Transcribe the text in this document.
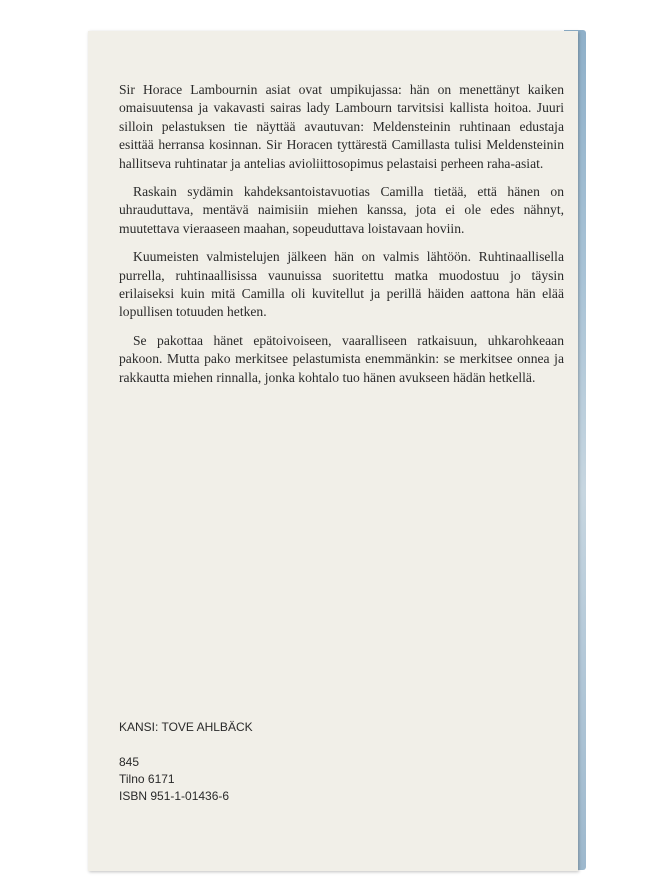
Sir Horace Lambournin asiat ovat umpikujassa: hän on menettänyt kaiken omaisuutensa ja vakavasti sairas lady Lambourn tarvitsisi kallista hoitoa. Juuri silloin pelastuksen tie näyttää avautuvan: Meldensteinin ruhtinaan edustaja esittää herransa kosinnan. Sir Horacen tyttärestä Camillasta tulisi Meldensteinin hallitseva ruhtinatar ja antelias avioliittosopimus pelastaisi perheen raha-asiat.

Raskain sydämin kahdeksantoistavuotias Camilla tietää, että hänen on uhrauduttava, mentävä naimisiin miehen kanssa, jota ei ole edes nähnyt, muutettava vieraaseen maahan, sopeuduttava loistavaan hoviin.

Kuumeisten valmistelujen jälkeen hän on valmis lähtöön. Ruhtinaallisella purrella, ruhtinaallisissa vaunuissa suoritettu matka muodostuu jo täysin erilaiseksi kuin mitä Camilla oli kuvitellut ja perillä häiden aattona hän elää lopullisen totuuden hetken.

Se pakottaa hänet epätoivoiseen, vaaralliseen ratkaisuun, uhkarohkeaan pakoon. Mutta pako merkitsee pelastumista enemmänkin: se merkitsee onnea ja rakkautta miehen rinnalla, jonka kohtalo tuo hänen avukseen hädän hetkellä.

KANSI: TOVE AHLBÄCK
845
Tilno 6171
ISBN 951-1-01436-6
